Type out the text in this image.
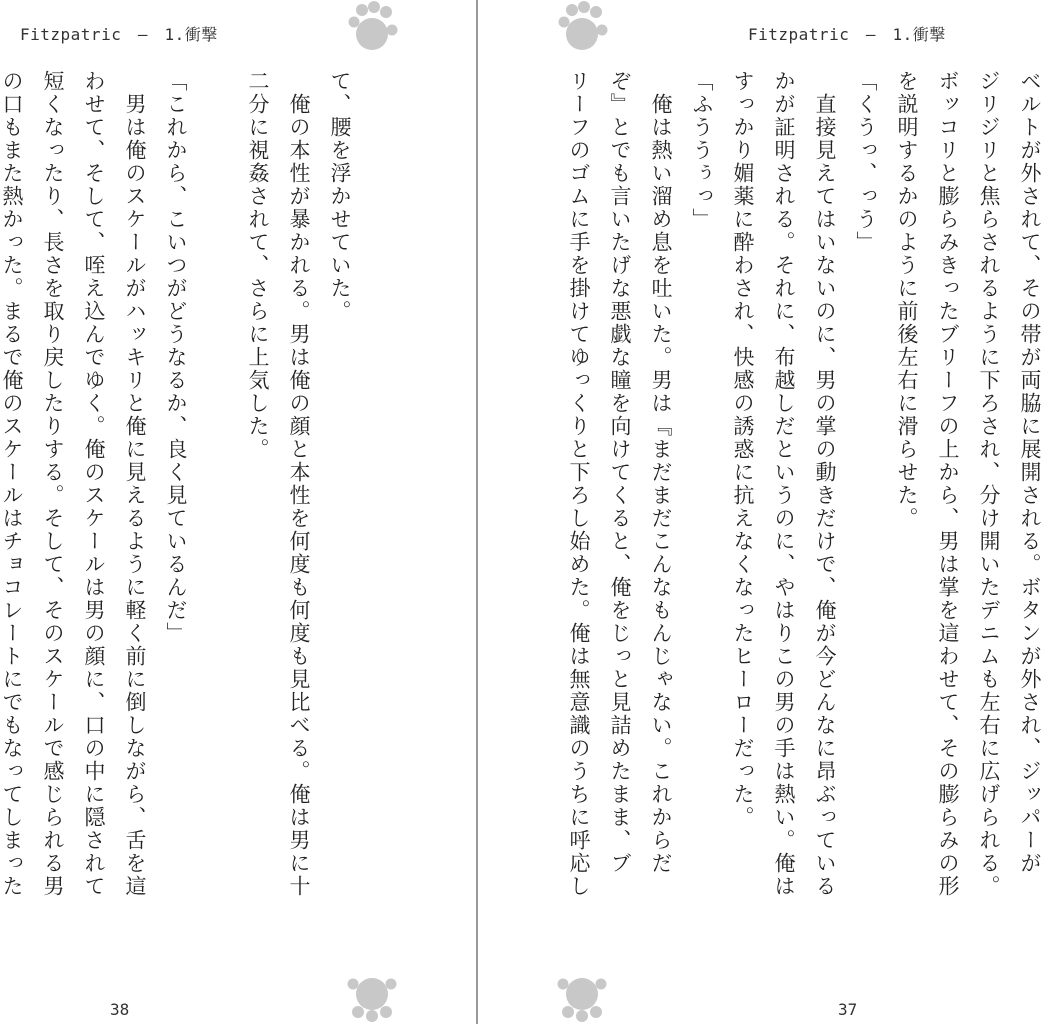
Fitzpatric　–　1.衝撃
て、腰を浮かせていた。
　俺の本性が暴かれる。男は俺の顔と本性を何度も何度も見比べる。俺は男に十
二分に視姦されて、さらに上気した。

「これから、こいつがどうなるか、良く見ているんだ」
　男は俺のスケールがハッキリと俺に見えるように軽く前に倒しながら、舌を這
わせて、そして、咥え込んでゆく。俺のスケールは男の顔に、口の中に隠されて
短くなったり、長さを取り戻したりする。そして、そのスケールで感じられる男
の口もまた熱かった。まるで俺のスケールはチョコレートにでもなってしまった

38
Fitzpatric　–　1.衝撃
ベルトが外されて、その帯が両脇に展開される。ボタンが外され、ジッパーが
ジリジリと焦らされるように下ろされ、分け開いたデニムも左右に広げられる。
ボッコリと膨らみきったブリーフの上から、男は掌を這わせて、その膨らみの形
を説明するかのように前後左右に滑らせた。
「くうっ、っう」
　直接見えてはいないのに、男の掌の動きだけで、俺が今どんなに昂ぶっている
かが証明される。それに、布越しだというのに、やはりこの男の手は熱い。俺は
すっかり媚薬に酔わされ、快感の誘惑に抗えなくなったヒーローだった。
「ふううぅっ」
　俺は熱い溜め息を吐いた。男は『まだまだこんなもんじゃない。これからだ
ぞ』とでも言いたげな悪戯な瞳を向けてくると、俺をじっと見詰めたまま、ブ
リーフのゴムに手を掛けてゆっくりと下ろし始めた。俺は無意識のうちに呼応し
37
